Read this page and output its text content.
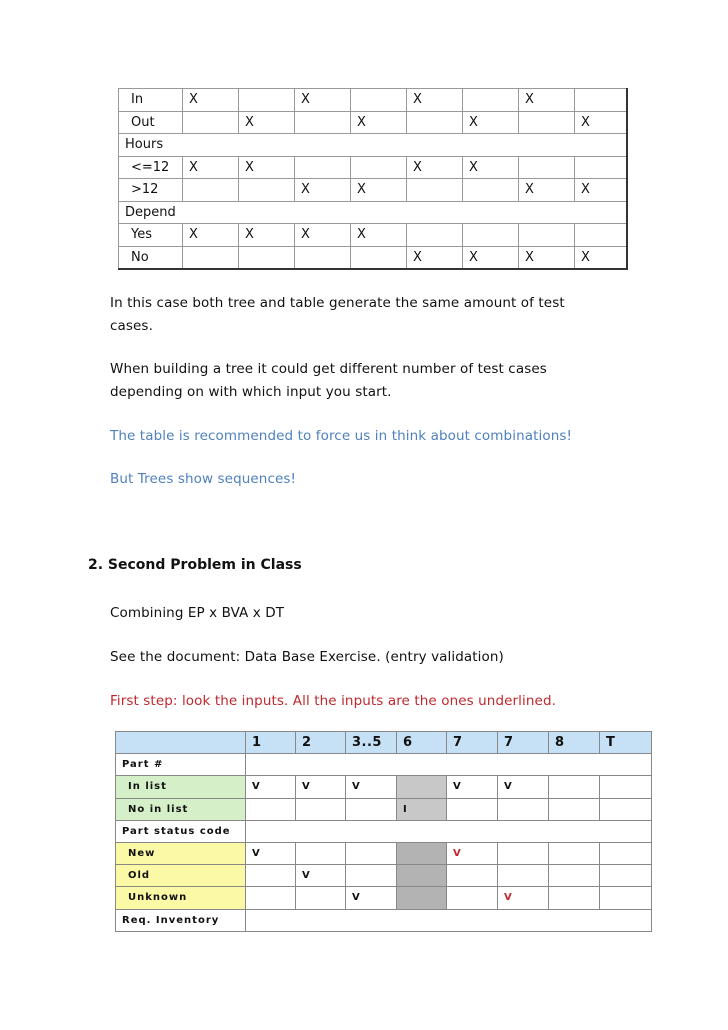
In	X		X		X		X	
Out		X		X		X		X
Hours								
<=12	X	X			X	X		
>12			X	X			X	X
Depend								
Yes	X	X	X	X				
No					X	X	X	X

In this case both tree and table generate the same amount of test
cases.

When building a tree it could get different number of test cases
depending on with which input you start.

The table is recommended to force us in think about combinations!

But Trees show sequences!

2. Second Problem in Class

Combining EP x BVA x DT

See the document: Data Base Exercise. (entry validation)

First step: look the inputs. All the inputs are the ones underlined.

	1	2	3..5	6	7	7	8	T
Part #								
In list	V	V	V		V	V		
No in list				I				
Part status code								
New	V				V			
Old		V						
Unknown			V			V		
Req. Inventory								
